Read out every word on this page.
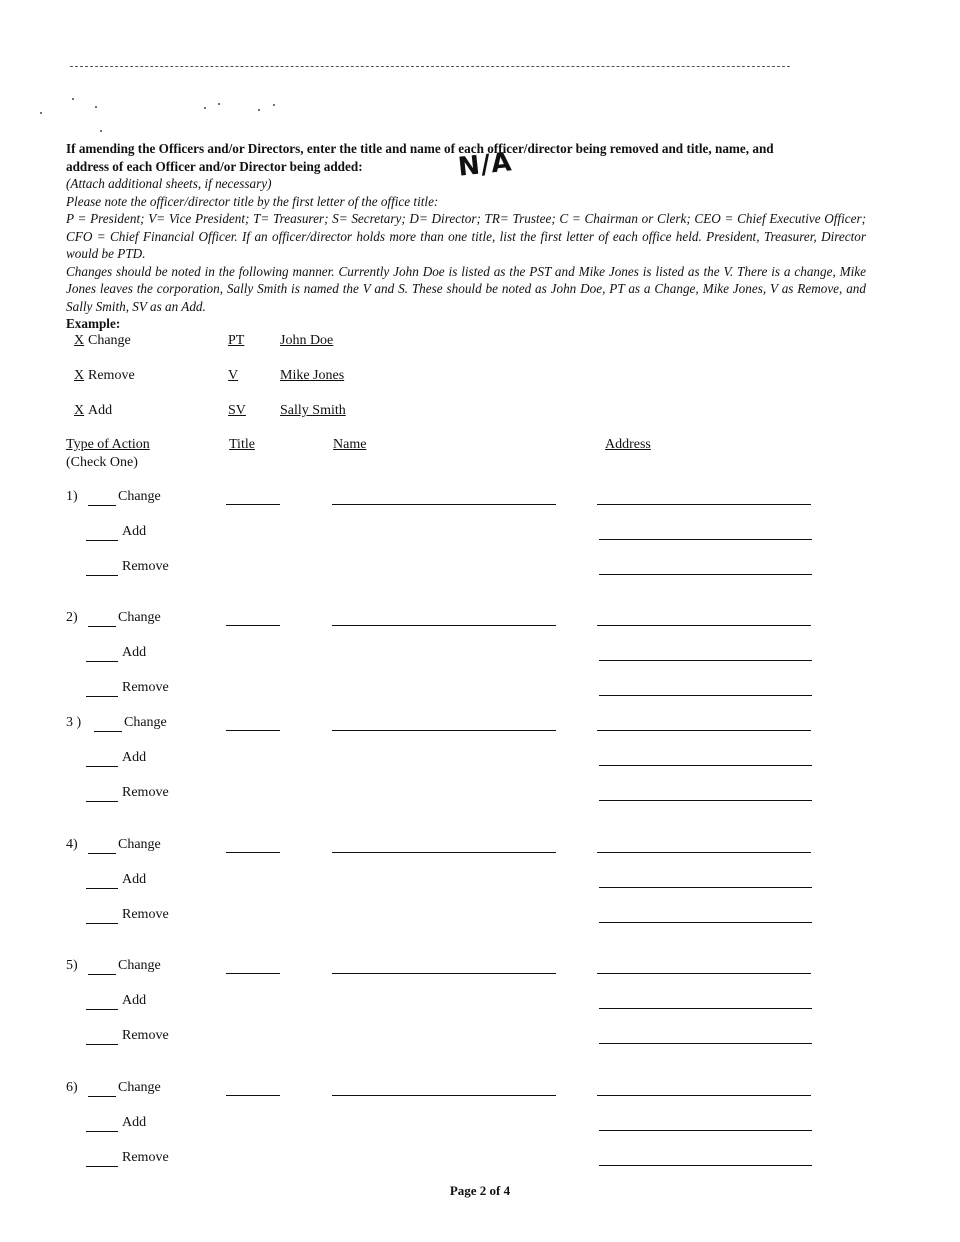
If amending the Officers and/or Directors, enter the title and name of each officer/director being removed and title, name, and
address of each Officer and/or Director being added:

(Attach additional sheets, if necessary)

Please note the officer/director title by the first letter of the office title:

P = President; V= Vice President; T= Treasurer; S= Secretary; D= Director; TR= Trustee; C = Chairman or Clerk; CEO = Chief Executive Officer; CFO = Chief Financial Officer. If an officer/director holds more than one title, list the first letter of each office held. President, Treasurer, Director would be PTD.

Changes should be noted in the following manner. Currently John Doe is listed as the PST and Mike Jones is listed as the V. There is a change, Mike Jones leaves the corporation, Sally Smith is named the V and S. These should be noted as John Doe, PT as a Change, Mike Jones, V as Remove, and Sally Smith, SV as an Add.

Example:

N/A
X Change	PT	John Doe
X Remove	V	Mike Jones
X Add	SV Sally Smith
Type of Action
(Check One)
Title	Name	Address
1)	Change
Add
Remove
2)	Change
Add
Remove
3 )	Change
Add
Remove
4)	Change
Add
Remove
5)	Change
Add
Remove
6)	Change
Add
Remove
Page 2 of 4
